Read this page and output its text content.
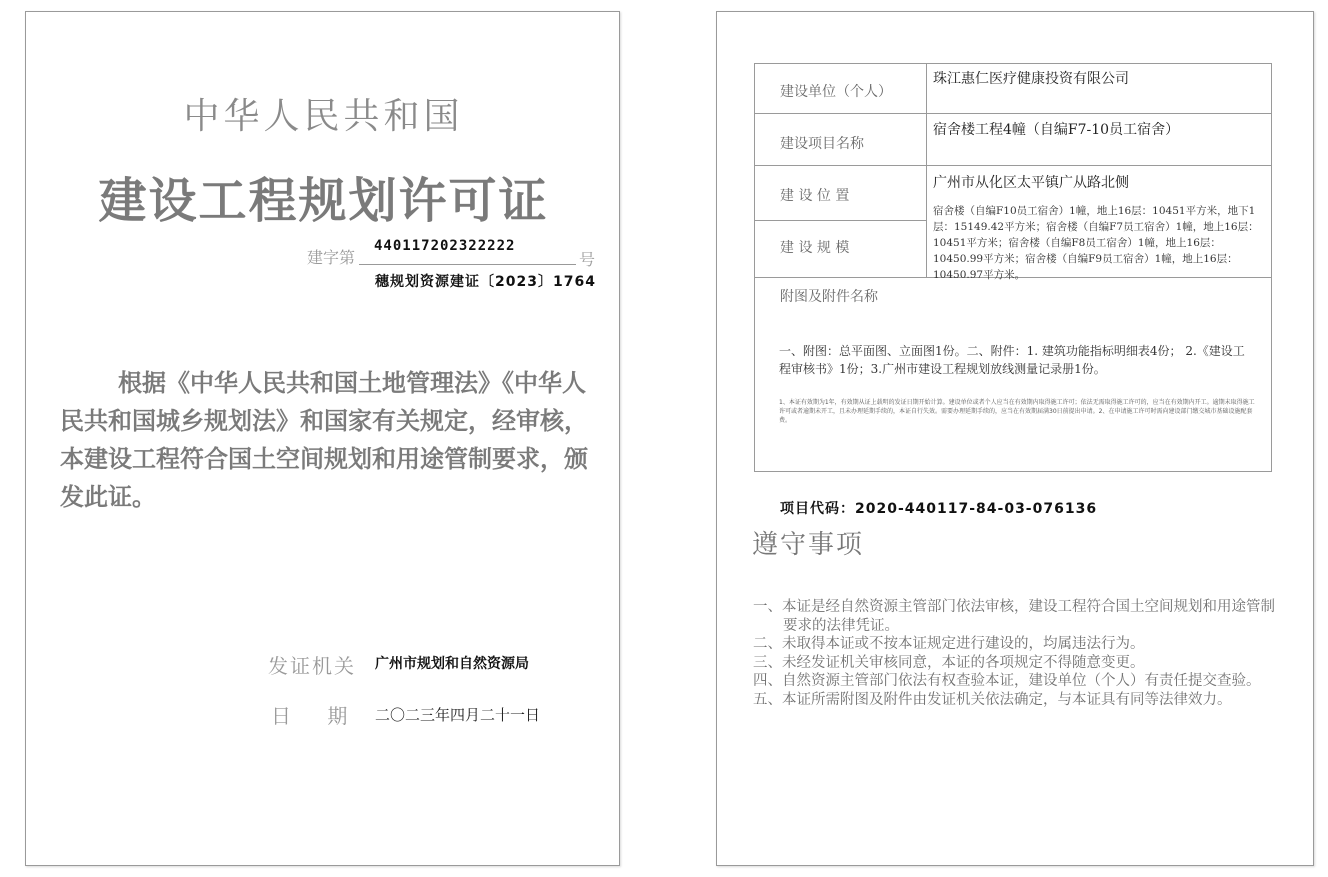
中华人民共和国
建设工程规划许可证
建字第
440117202322222
号
穗规划资源建证〔2023〕1764
根据《中华人民共和国土地管理法》《中华人民共和国城乡规划法》和国家有关规定，经审核，本建设工程符合国土空间规划和用途管制要求，颁发此证。
发证机关 广州市规划和自然资源局
日 期 二〇二三年四月二十一日
建设单位（个人）
珠江惠仁医疗健康投资有限公司
建设项目名称
宿舍楼工程4幢（自编F7-10员工宿舍）
建 设 位 置
广州市从化区太平镇广从路北侧
建 设 规 模
宿舍楼（自编F10员工宿舍）1幢，地上16层：10451平方米，地下1层：15149.42平方米；宿舍楼（自编F7员工宿舍）1幢，地上16层：10451平方米；宿舍楼（自编F8员工宿舍）1幢，地上16层：10450.99平方米；宿舍楼（自编F9员工宿舍）1幢，地上16层：10450.97平方米。
附图及附件名称
一、附图：总平面图、立面图1份。二、附件：1. 建筑功能指标明细表4份； 2.《建设工程审核书》1份；3.广州市建设工程规划放线测量记录册1份。
1、本证有效期为1年，有效期从证上载明的发证日期开始计算。建设单位或者个人应当在有效期内取得施工许可；依法无需取得施工许可的，应当在有效期内开工。逾期未取得施工许可或者逾期未开工，且未办理延期手续的，本证自行失效。需要办理延期手续的，应当在有效期届满30日前提出申请。2、在申请施工许可时需向建设部门缴交城市基础设施配套费。
项目代码：2020-440117-84-03-076136
遵守事项
一、本证是经自然资源主管部门依法审核，建设工程符合国土空间规划和用途管制要求的法律凭证。
二、未取得本证或不按本证规定进行建设的，均属违法行为。
三、未经发证机关审核同意，本证的各项规定不得随意变更。
四、自然资源主管部门依法有权查验本证，建设单位（个人）有责任提交查验。
五、本证所需附图及附件由发证机关依法确定，与本证具有同等法律效力。
